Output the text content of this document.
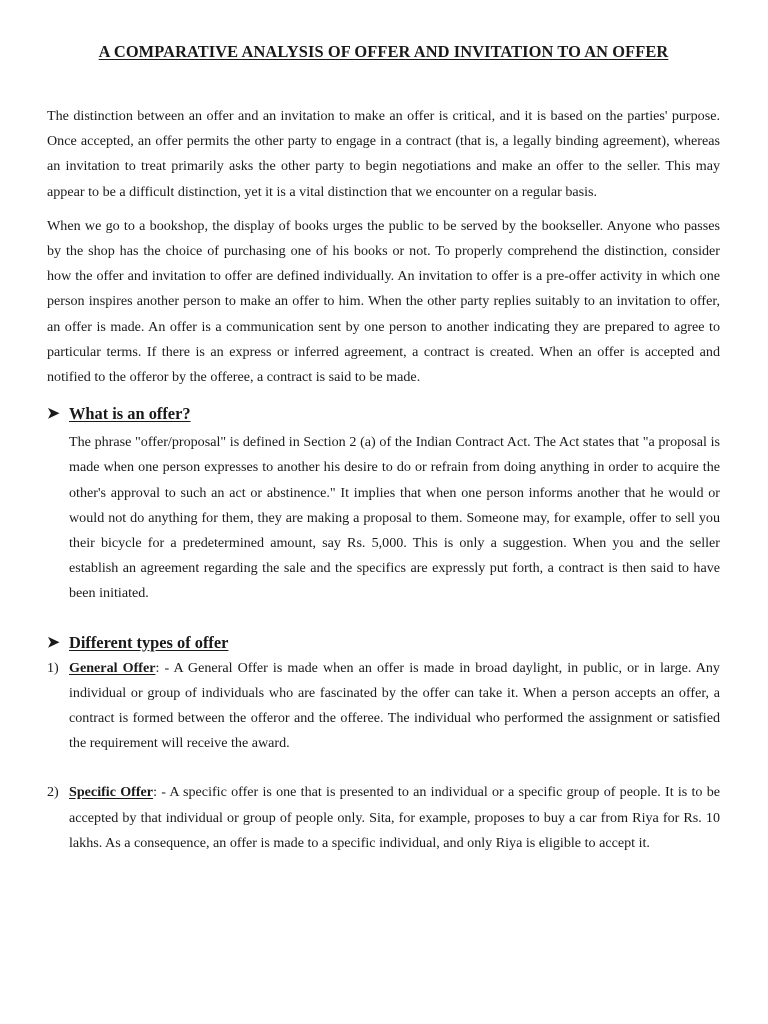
A COMPARATIVE ANALYSIS OF OFFER AND INVITATION TO AN OFFER

The distinction between an offer and an invitation to make an offer is critical, and it is based on the parties' purpose. Once accepted, an offer permits the other party to engage in a contract (that is, a legally binding agreement), whereas an invitation to treat primarily asks the other party to begin negotiations and make an offer to the seller. This may appear to be a difficult distinction, yet it is a vital distinction that we encounter on a regular basis.

When we go to a bookshop, the display of books urges the public to be served by the bookseller. Anyone who passes by the shop has the choice of purchasing one of his books or not. To properly comprehend the distinction, consider how the offer and invitation to offer are defined individually. An invitation to offer is a pre-offer activity in which one person inspires another person to make an offer to him. When the other party replies suitably to an invitation to offer, an offer is made. An offer is a communication sent by one person to another indicating they are prepared to agree to particular terms. If there is an express or inferred agreement, a contract is created. When an offer is accepted and notified to the offeror by the offeree, a contract is said to be made.

➤ What is an offer?

The phrase "offer/proposal" is defined in Section 2 (a) of the Indian Contract Act. The Act states that "a proposal is made when one person expresses to another his desire to do or refrain from doing anything in order to acquire the other's approval to such an act or abstinence." It implies that when one person informs another that he would or would not do anything for them, they are making a proposal to them. Someone may, for example, offer to sell you their bicycle for a predetermined amount, say Rs. 5,000. This is only a suggestion. When you and the seller establish an agreement regarding the sale and the specifics are expressly put forth, a contract is then said to have been initiated.

➤ Different types of offer
1) General Offer: - A General Offer is made when an offer is made in broad daylight, in public, or in large. Any individual or group of individuals who are fascinated by the offer can take it. When a person accepts an offer, a contract is formed between the offeror and the offeree. The individual who performed the assignment or satisfied the requirement will receive the award.

2) Specific Offer: - A specific offer is one that is presented to an individual or a specific group of people. It is to be accepted by that individual or group of people only. Sita, for example, proposes to buy a car from Riya for Rs. 10 lakhs. As a consequence, an offer is made to a specific individual, and only Riya is eligible to accept it.
